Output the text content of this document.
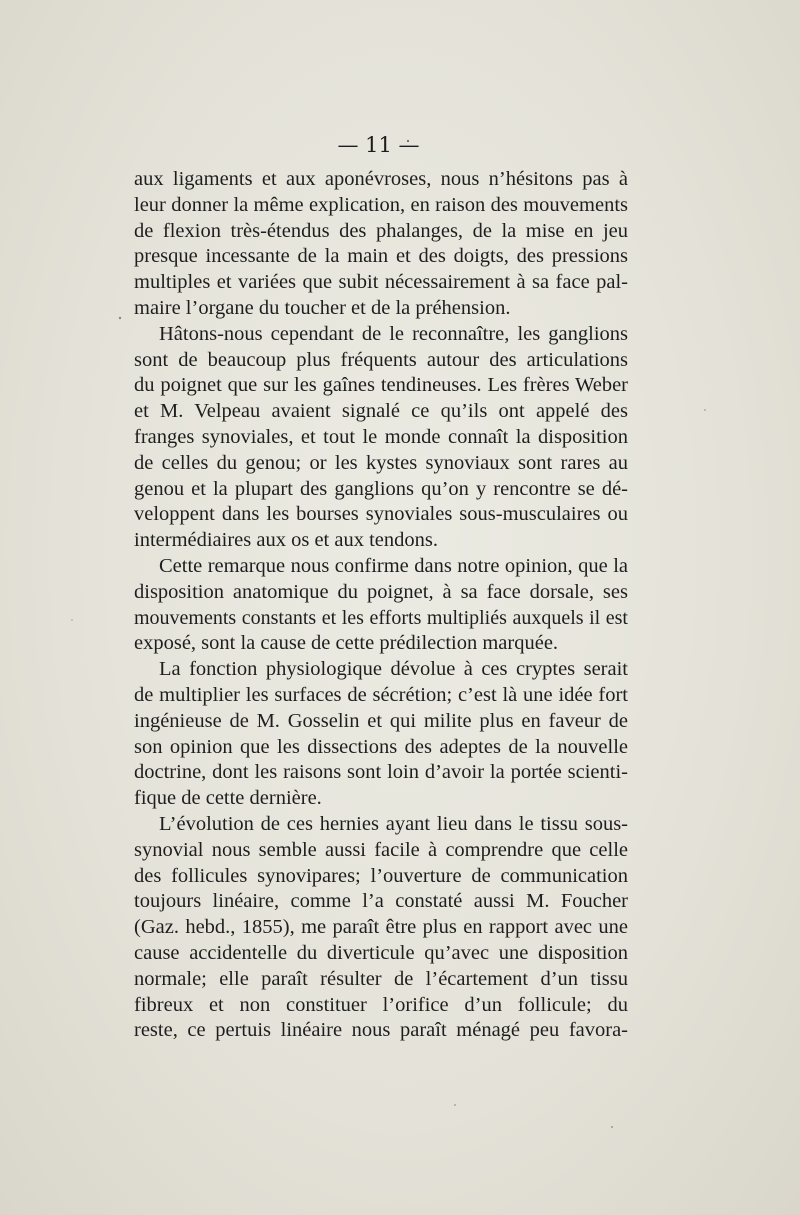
— 11 —

aux ligaments et aux aponévroses, nous n’hésitons pas à
leur donner la même explication, en raison des mouvements
de flexion très-étendus des phalanges, de la mise en jeu
presque incessante de la main et des doigts, des pressions
multiples et variées que subit nécessairement à sa face pal-
maire l’organe du toucher et de la préhension.
Hâtons-nous cependant de le reconnaître, les ganglions
sont de beaucoup plus fréquents autour des articulations
du poignet que sur les gaînes tendineuses. Les frères Weber
et M. Velpeau avaient signalé ce qu’ils ont appelé des
franges synoviales, et tout le monde connaît la disposition
de celles du genou; or les kystes synoviaux sont rares au
genou et la plupart des ganglions qu’on y rencontre se dé-
veloppent dans les bourses synoviales sous-musculaires ou
intermédiaires aux os et aux tendons.
Cette remarque nous confirme dans notre opinion, que la
disposition anatomique du poignet, à sa face dorsale, ses
mouvements constants et les efforts multipliés auxquels il est
exposé, sont la cause de cette prédilection marquée.
La fonction physiologique dévolue à ces cryptes serait
de multiplier les surfaces de sécrétion; c’est là une idée fort
ingénieuse de M. Gosselin et qui milite plus en faveur de
son opinion que les dissections des adeptes de la nouvelle
doctrine, dont les raisons sont loin d’avoir la portée scienti-
fique de cette dernière.
L’évolution de ces hernies ayant lieu dans le tissu sous-
synovial nous semble aussi facile à comprendre que celle
des follicules synovipares; l’ouverture de communication
toujours linéaire, comme l’a constaté aussi M. Foucher
(Gaz. hebd., 1855), me paraît être plus en rapport avec une
cause accidentelle du diverticule qu’avec une disposition
normale; elle paraît résulter de l’écartement d’un tissu
fibreux et non constituer l’orifice d’un follicule; du
reste, ce pertuis linéaire nous paraît ménagé peu favora-
